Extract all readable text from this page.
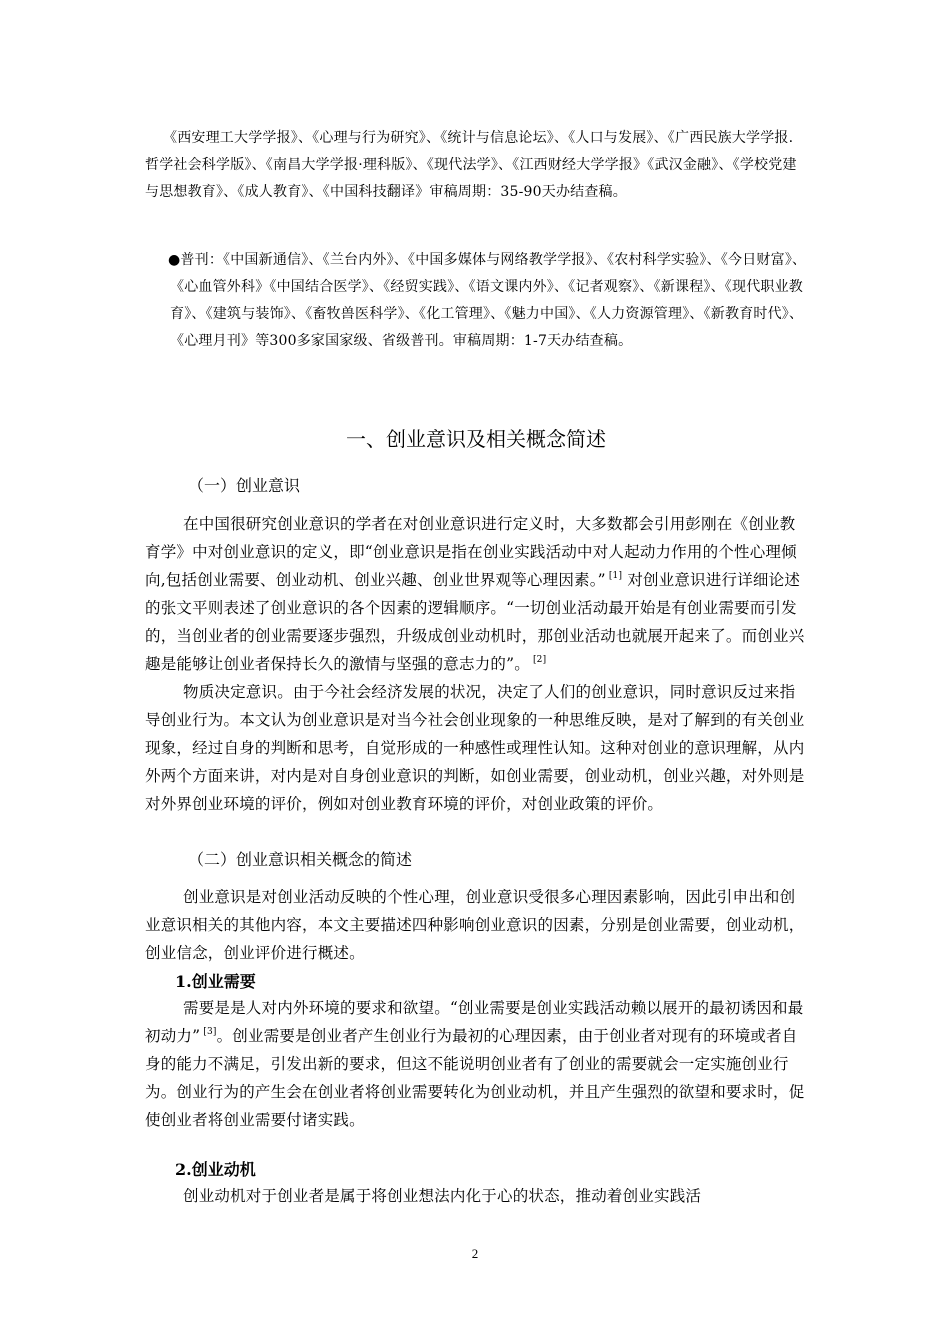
《西安理工大学学报》、《心理与行为研究》、《统计与信息论坛》、《人口与发展》、《广西民族大学学报.哲学社会科学版》、《南昌大学学报·理科版》、《现代法学》、《江西财经大学学报》《武汉金融》、《学校党建与思想教育》、《成人教育》、《中国科技翻译》审稿周期：35-90天办结查稿。
●普刊：《中国新通信》、《兰台内外》、《中国多媒体与网络教学学报》、《农村科学实验》、《今日财富》、《心血管外科》《中国结合医学》、《经贸实践》、《语文课内外》、《记者观察》、《新课程》、《现代职业教育》、《建筑与装饰》、《畜牧兽医科学》、《化工管理》、《魅力中国》、《人力资源管理》、《新教育时代》、《心理月刊》等300多家国家级、省级普刊。审稿周期：1-7天办结查稿。
一、创业意识及相关概念简述
（一）创业意识
在中国很研究创业意识的学者在对创业意识进行定义时，大多数都会引用彭刚在《创业教育学》中对创业意识的定义，即“创业意识是指在创业实践活动中对人起动力作用的个性心理倾向,包括创业需要、创业动机、创业兴趣、创业世界观等心理因素。” [1] 对创业意识进行详细论述的张文平则表述了创业意识的各个因素的逻辑顺序。“一切创业活动最开始是有创业需要而引发的，当创业者的创业需要逐步强烈，升级成创业动机时，那创业活动也就展开起来了。而创业兴趣是能够让创业者保持长久的激情与坚强的意志力的”。 [2]
物质决定意识。由于今社会经济发展的状况，决定了人们的创业意识，同时意识反过来指导创业行为。本文认为创业意识是对当今社会创业现象的一种思维反映，是对了解到的有关创业现象，经过自身的判断和思考，自觉形成的一种感性或理性认知。这种对创业的意识理解，从内外两个方面来讲，对内是对自身创业意识的判断，如创业需要，创业动机，创业兴趣，对外则是对外界创业环境的评价，例如对创业教育环境的评价，对创业政策的评价。
（二）创业意识相关概念的简述
创业意识是对创业活动反映的个性心理，创业意识受很多心理因素影响，因此引申出和创业意识相关的其他内容，本文主要描述四种影响创业意识的因素，分别是创业需要，创业动机，创业信念，创业评价进行概述。
1.创业需要
需要是是人对内外环境的要求和欲望。“创业需要是创业实践活动赖以展开的最初诱因和最初动力” [3]。创业需要是创业者产生创业行为最初的心理因素，由于创业者对现有的环境或者自身的能力不满足，引发出新的要求，但这不能说明创业者有了创业的需要就会一定实施创业行为。创业行为的产生会在创业者将创业需要转化为创业动机，并且产生强烈的欲望和要求时，促使创业者将创业需要付诸实践。
2.创业动机
创业动机对于创业者是属于将创业想法内化于心的状态，推动着创业实践活
2
